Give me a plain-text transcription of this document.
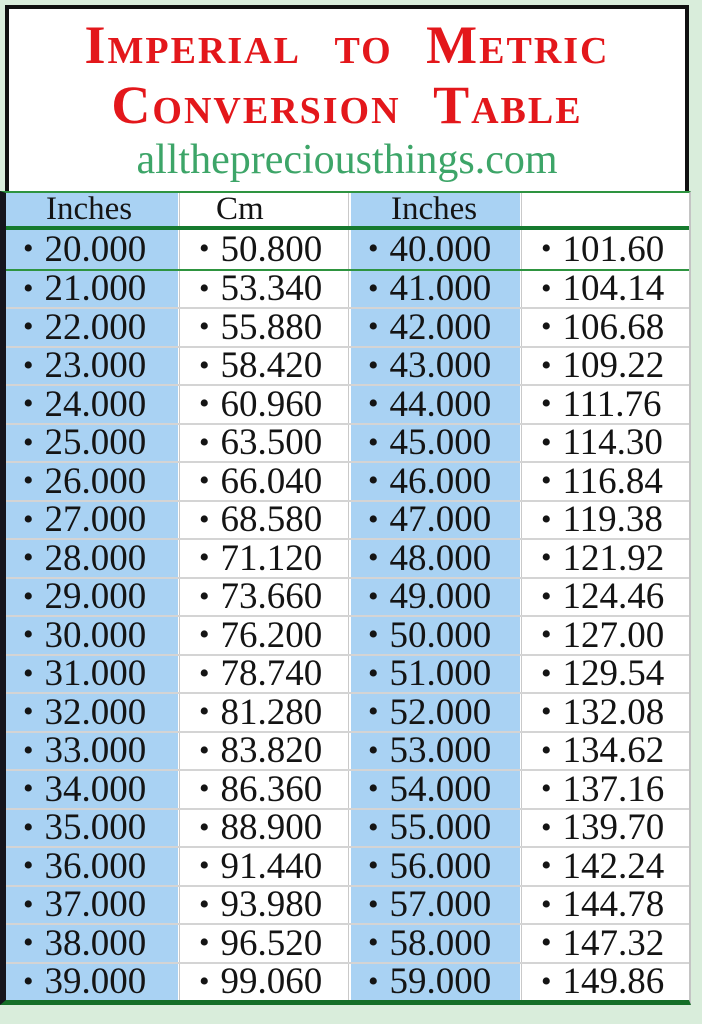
Imperial to Metric
Conversion Table
allthepreciousthings.com
Inches	Cm	Inches
• 20.000 • 50.800 • 40.000 • 101.60
• 21.000 • 53.340 • 41.000 • 104.14
• 22.000 • 55.880 • 42.000 • 106.68
• 23.000 • 58.420 • 43.000 • 109.22
• 24.000 • 60.960 • 44.000 • 111.76
• 25.000 • 63.500 • 45.000 • 114.30
• 26.000 • 66.040 • 46.000 • 116.84
• 27.000 • 68.580 • 47.000 • 119.38
• 28.000 • 71.120 • 48.000 • 121.92
• 29.000 • 73.660 • 49.000 • 124.46
• 30.000 • 76.200 • 50.000 • 127.00
• 31.000 • 78.740 • 51.000 • 129.54
• 32.000 • 81.280 • 52.000 • 132.08
• 33.000 • 83.820 • 53.000 • 134.62
• 34.000 • 86.360 • 54.000 • 137.16
• 35.000 • 88.900 • 55.000 • 139.70
• 36.000 • 91.440 • 56.000 • 142.24
• 37.000 • 93.980 • 57.000 • 144.78
• 38.000 • 96.520 • 58.000 • 147.32
• 39.000 • 99.060 • 59.000 • 149.86
